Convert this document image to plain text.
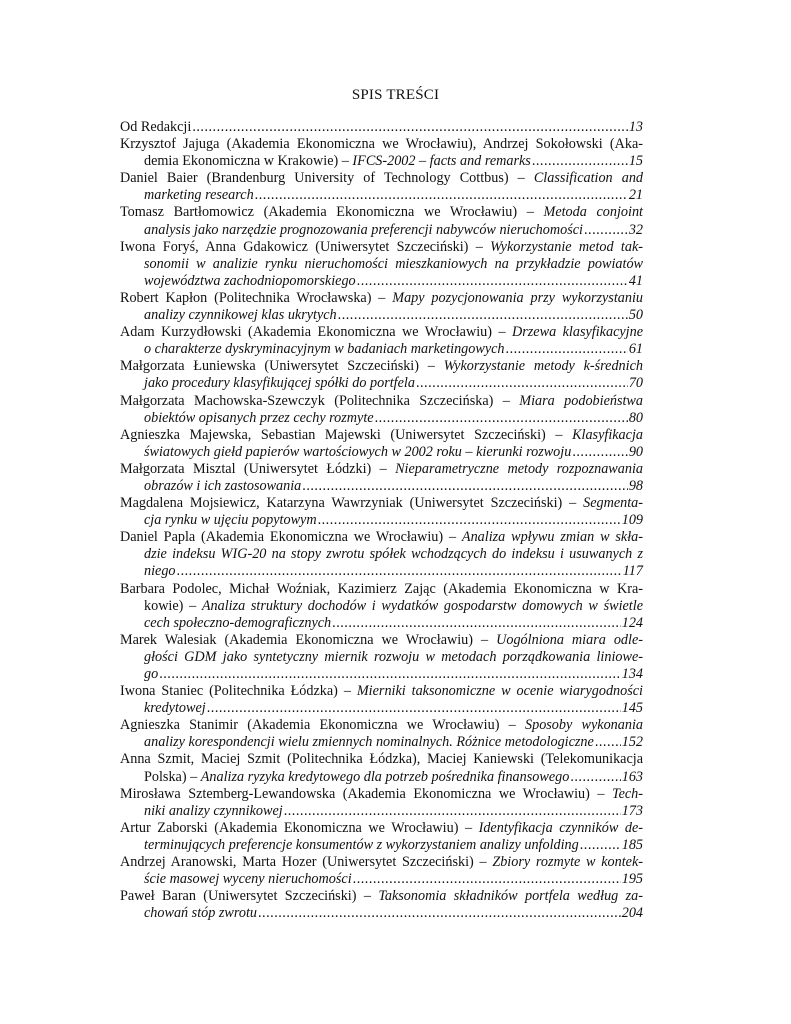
SPIS TREŚCI
Od Redakcji .....	13
Krzysztof Jajuga (Akademia Ekonomiczna we Wrocławiu), Andrzej Sokołowski (Aka-
demia Ekonomiczna w Krakowie) – IFCS-2002 – facts and remarks .....	15
Daniel Baier (Brandenburg University of Technology Cottbus) – Classification and
marketing research .....	21
Tomasz Bartłomowicz (Akademia Ekonomiczna we Wrocławiu) – Metoda conjoint
analysis jako narzędzie prognozowania preferencji nabywców nieruchomości .....	32
Iwona Foryś, Anna Gdakowicz (Uniwersytet Szczeciński) – Wykorzystanie metod tak-
sonomii w analizie rynku nieruchomości mieszkaniowych na przykładzie powiatów
województwa zachodniopomorskiego .....	41
Robert Kapłon (Politechnika Wrocławska) – Mapy pozycjonowania przy wykorzystaniu
analizy czynnikowej klas ukrytych .....	50
Adam Kurzydłowski (Akademia Ekonomiczna we Wrocławiu) – Drzewa klasyfikacyjne
o charakterze dyskryminacyjnym w badaniach marketingowych .....	61
Małgorzata Łuniewska (Uniwersytet Szczeciński) – Wykorzystanie metody k-średnich
jako procedury klasyfikującej spółki do portfela .....	70
Małgorzata Machowska-Szewczyk (Politechnika Szczecińska) – Miara podobieństwa
obiektów opisanych przez cechy rozmyte .....	80
Agnieszka Majewska, Sebastian Majewski (Uniwersytet Szczeciński) – Klasyfikacja
światowych giełd papierów wartościowych w 2002 roku – kierunki rozwoju .....	90
Małgorzata Misztal (Uniwersytet Łódzki) – Nieparametryczne metody rozpoznawania
obrazów i ich zastosowania .....	98
Magdalena Mojsiewicz, Katarzyna Wawrzyniak (Uniwersytet Szczeciński) – Segmenta-
cja rynku w ujęciu popytowym .....	109
Daniel Papla (Akademia Ekonomiczna we Wrocławiu) – Analiza wpływu zmian w skła-
dzie indeksu WIG-20 na stopy zwrotu spółek wchodzących do indeksu i usuwanych z
niego .....	117
Barbara Podolec, Michał Woźniak, Kazimierz Zając (Akademia Ekonomiczna w Kra-
kowie) – Analiza struktury dochodów i wydatków gospodarstw domowych w świetle
cech społeczno-demograficznych .....	124
Marek Walesiak (Akademia Ekonomiczna we Wrocławiu) – Uogólniona miara odle-
głości GDM jako syntetyczny miernik rozwoju w metodach porządkowania liniowe-
go .....	134
Iwona Staniec (Politechnika Łódzka) – Mierniki taksonomiczne w ocenie wiarygodności
kredytowej .....	145
Agnieszka Stanimir (Akademia Ekonomiczna we Wrocławiu) – Sposoby wykonania
analizy korespondencji wielu zmiennych nominalnych. Różnice metodologiczne ..... 152
Anna Szmit, Maciej Szmit (Politechnika Łódzka), Maciej Kaniewski (Telekomunikacja
Polska) – Analiza ryzyka kredytowego dla potrzeb pośrednika finansowego .....	163
Mirosława Sztemberg-Lewandowska (Akademia Ekonomiczna we Wrocławiu) – Tech-
niki analizy czynnikowej .....	173
Artur Zaborski (Akademia Ekonomiczna we Wrocławiu) – Identyfikacja czynników de-
terminujących preferencje konsumentów z wykorzystaniem analizy unfolding .....	185
Andrzej Aranowski, Marta Hozer (Uniwersytet Szczeciński) – Zbiory rozmyte w kontek-
ście masowej wyceny nieruchomości .....	195
Paweł Baran (Uniwersytet Szczeciński) – Taksonomia składników portfela według za-
chowań stóp zwrotu .....	204
